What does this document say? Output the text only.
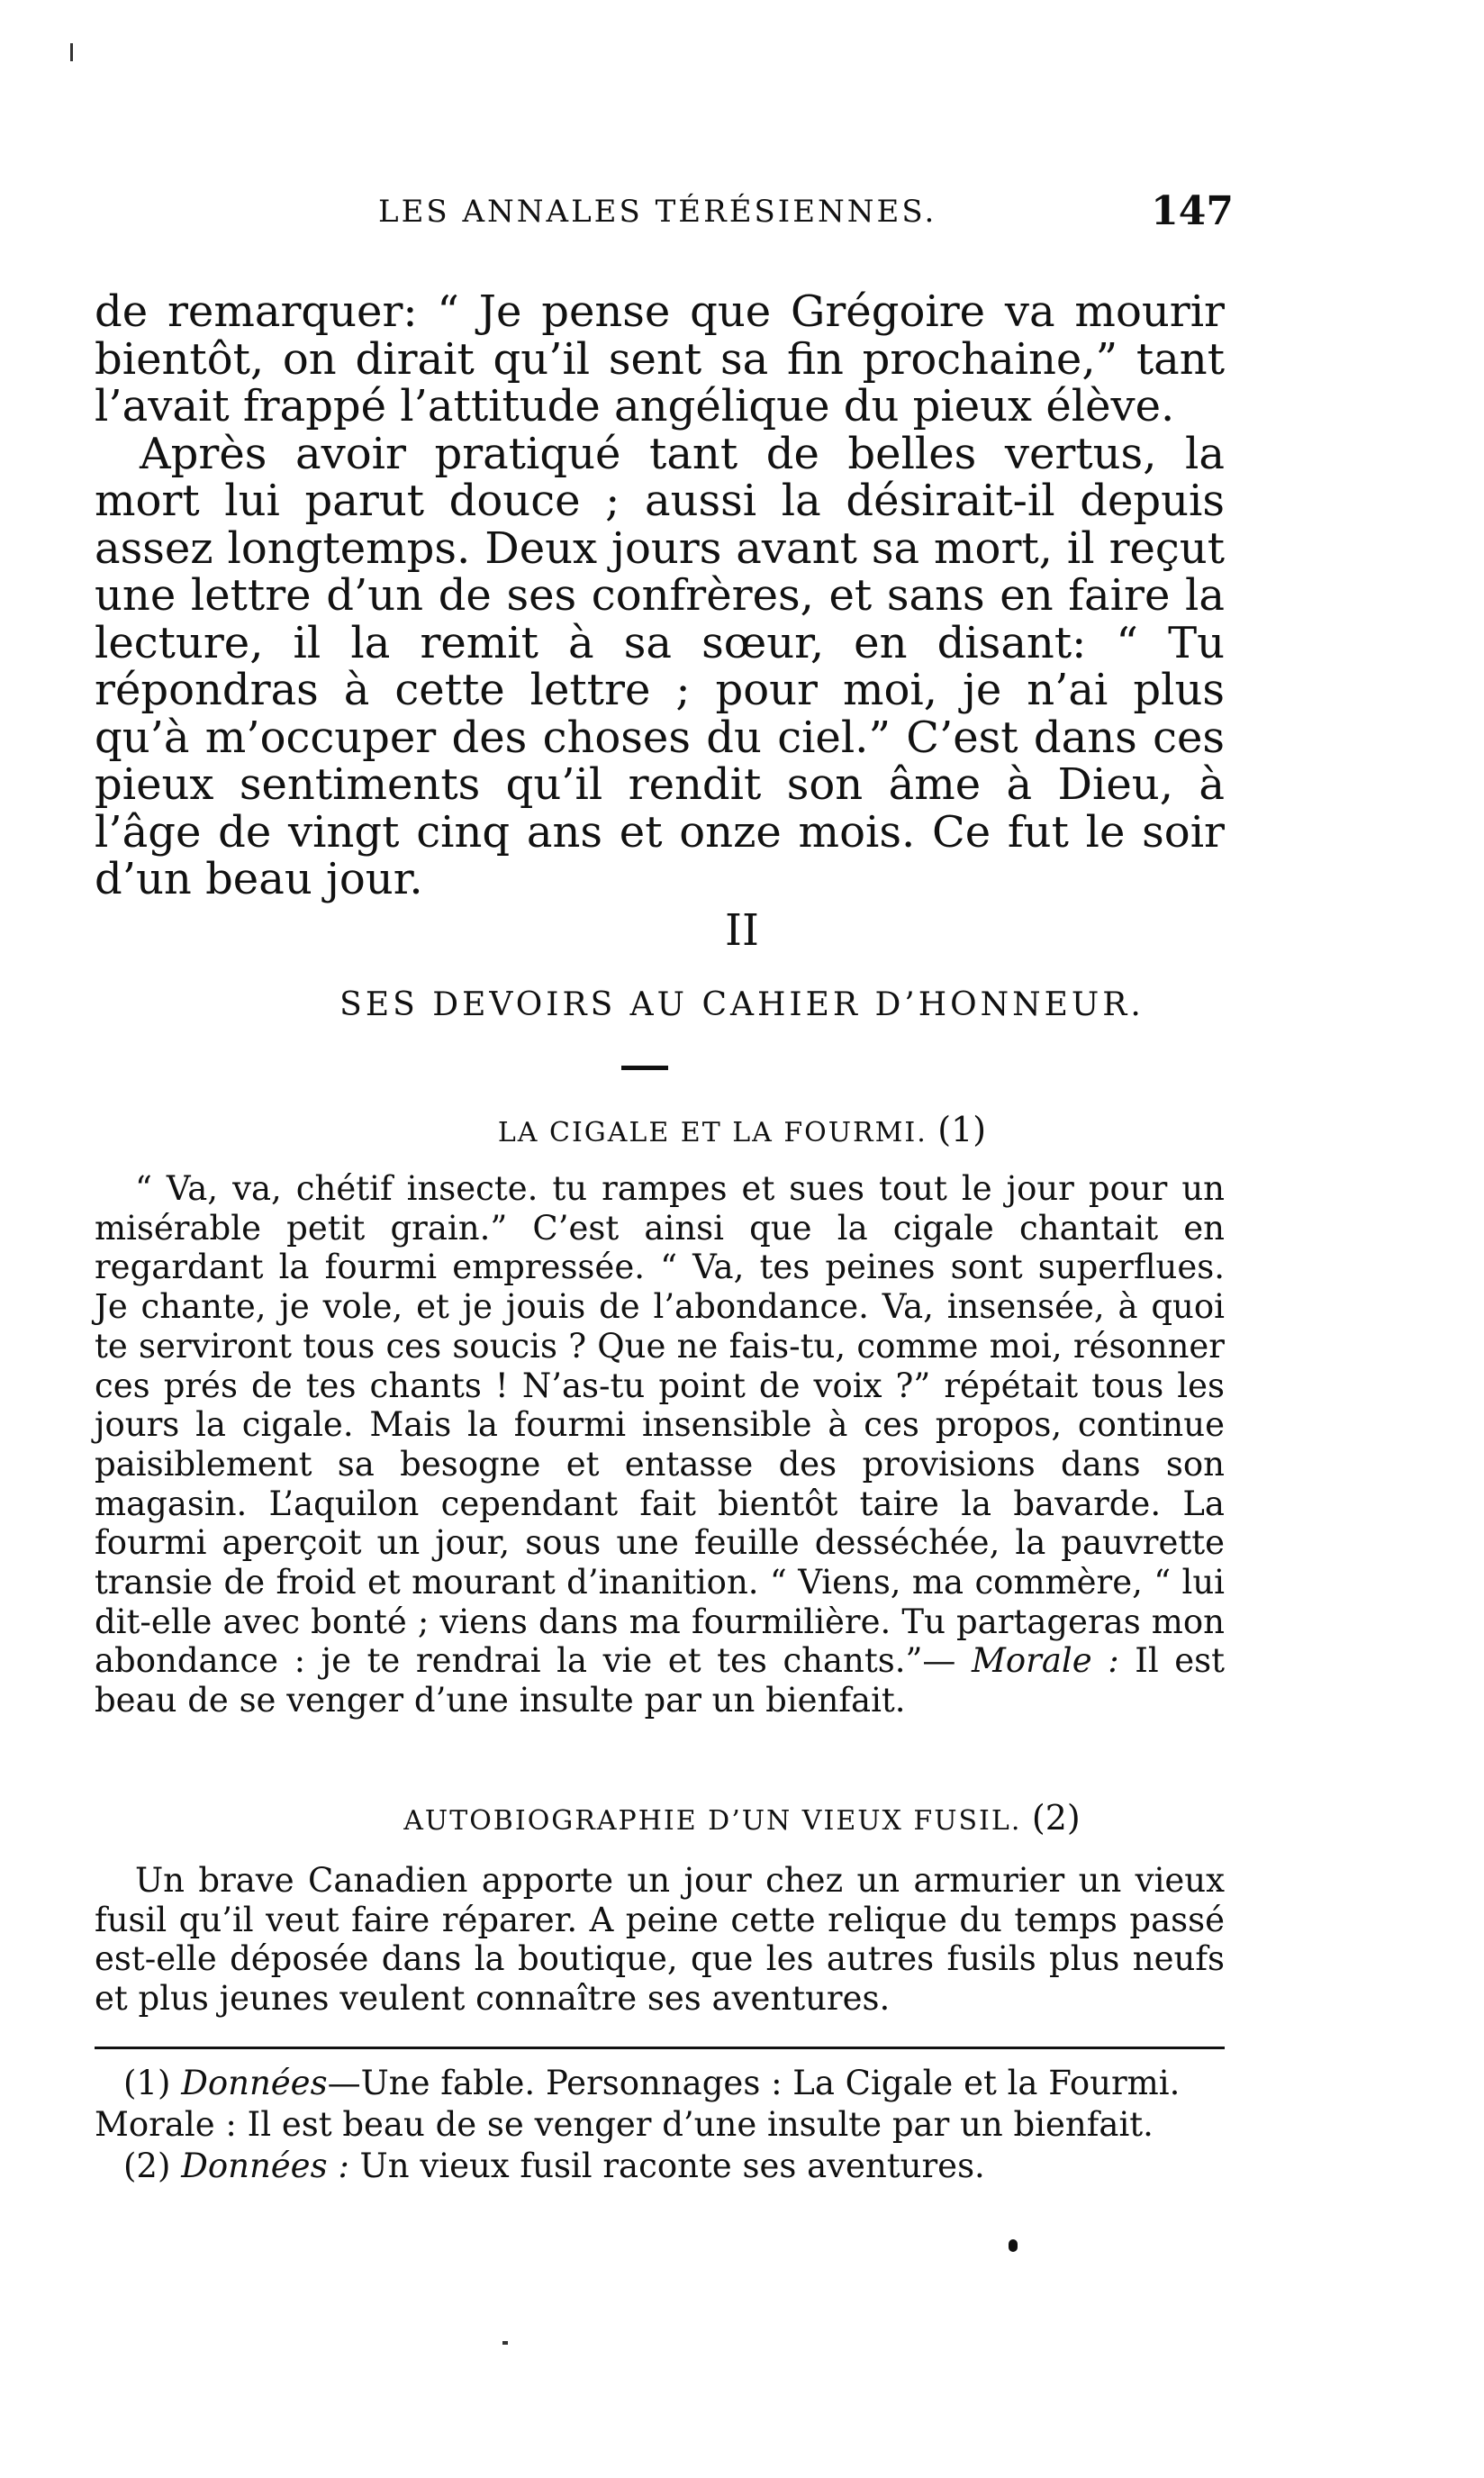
LES ANNALES TÉRÉSIENNES.	147

de remarquer: “ Je pense que Grégoire va mourir bientôt, on dirait qu’il sent sa fin prochaine,” tant l’avait frappé l’attitude angélique du pieux élève.

Après avoir pratiqué tant de belles vertus, la mort lui parut douce ; aussi la désirait-il depuis assez longtemps. Deux jours avant sa mort, il reçut une lettre d’un de ses confrères, et sans en faire la lecture, il la remit à sa sœur, en disant: “ Tu répondras à cette lettre ; pour moi, je n’ai plus qu’à m’occuper des choses du ciel.” C’est dans ces pieux sentiments qu’il rendit son âme à Dieu, à l’âge de vingt cinq ans et onze mois. Ce fut le soir d’un beau jour.

II
SES DEVOIRS AU CAHIER D’HONNEUR.
LA CIGALE ET LA FOURMI. (1)

“ Va, va, chétif insecte. tu rampes et sues tout le jour pour un misérable petit grain.” C’est ainsi que la cigale chantait en regardant la fourmi empressée. “ Va, tes peines sont superflues. Je chante, je vole, et je jouis de l’abondance. Va, insensée, à quoi te serviront tous ces soucis ? Que ne fais-tu, comme moi, résonner ces prés de tes chants ! N’as-tu point de voix ?” répétait tous les jours la cigale. Mais la fourmi insensible à ces propos, continue paisiblement sa besogne et entasse des provisions dans son magasin. L’aquilon cependant fait bientôt taire la bavarde. La fourmi aperçoit un jour, sous une feuille desséchée, la pauvrette transie de froid et mourant d’inanition. “ Viens, ma commère, “ lui dit-elle avec bonté ; viens dans ma fourmilière. Tu partageras mon abondance : je te rendrai la vie et tes chants.”— Morale : Il est beau de se venger d’une insulte par un bienfait.

AUTOBIOGRAPHIE D’UN VIEUX FUSIL. (2)

Un brave Canadien apporte un jour chez un armurier un vieux fusil qu’il veut faire réparer. A peine cette relique du temps passé est-elle déposée dans la boutique, que les autres fusils plus neufs et plus jeunes veulent connaître ses aventures.

(1) Données—Une fable. Personnages : La Cigale et la Fourmi.

Morale : Il est beau de se venger d’une insulte par un bienfait.

(2) Données : Un vieux fusil raconte ses aventures.
